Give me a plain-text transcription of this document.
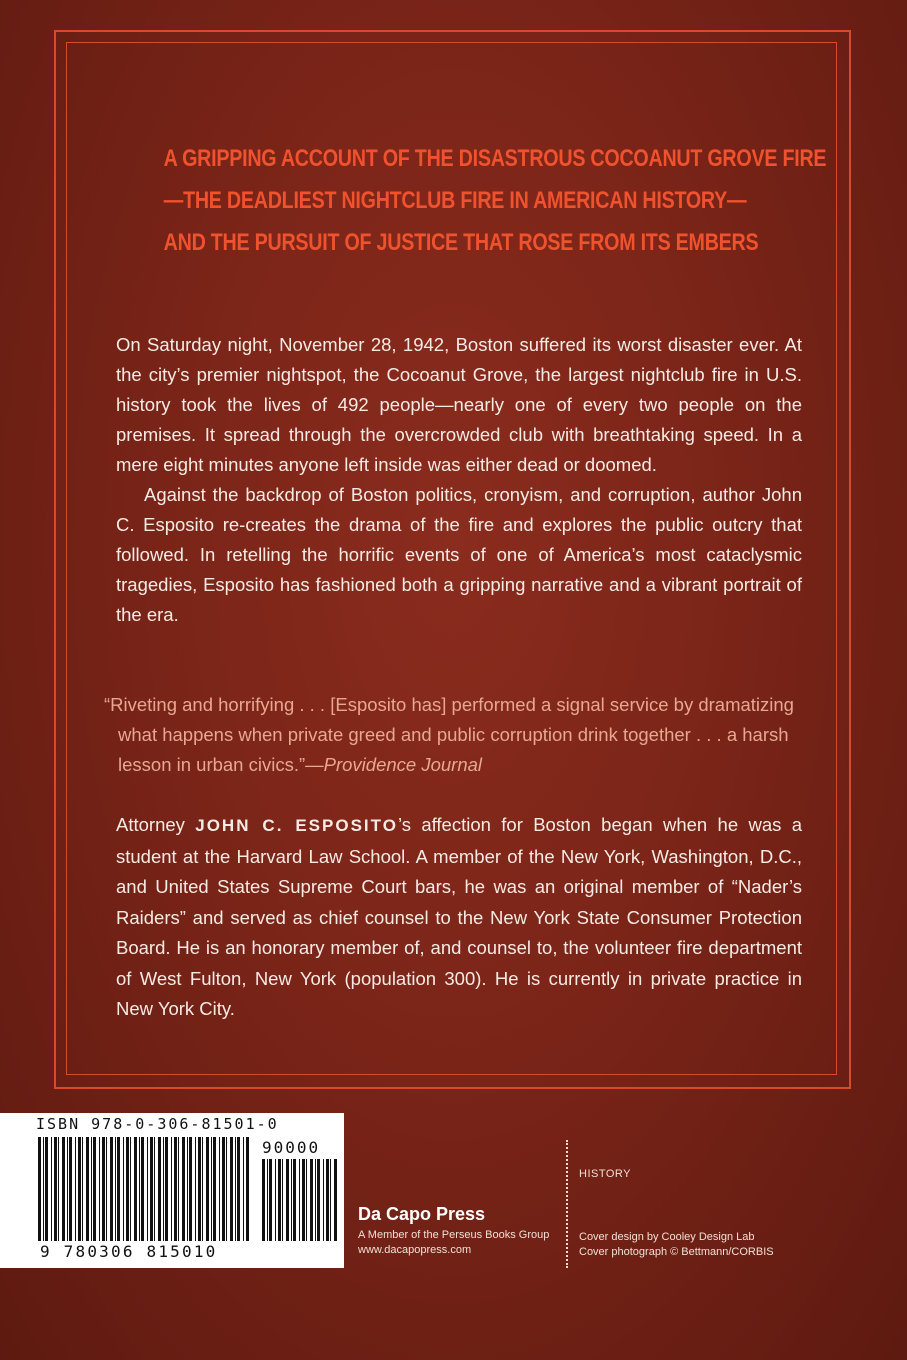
A GRIPPING ACCOUNT OF THE DISASTROUS COCOANUT GROVE FIRE
—THE DEADLIEST NIGHTCLUB FIRE IN AMERICAN HISTORY—
AND THE PURSUIT OF JUSTICE THAT ROSE FROM ITS EMBERS

On Saturday night, November 28, 1942, Boston suffered its worst disaster ever. At the city’s premier nightspot, the Cocoanut Grove, the largest nightclub fire in U.S. history took the lives of 492 people—nearly one of every two people on the premises. It spread through the overcrowded club with breathtaking speed. In a mere eight minutes anyone left inside was either dead or doomed.

Against the backdrop of Boston politics, cronyism, and corruption, author John C. Esposito re-creates the drama of the fire and explores the public outcry that followed. In retelling the horrific events of one of America’s most cataclysmic tragedies, Esposito has fashioned both a gripping narrative and a vibrant portrait of the era.

“Riveting and horrifying . . . [Esposito has] performed a signal service by dramatizing what happens when private greed and public corruption drink together . . . a harsh lesson in urban civics.”—Providence Journal

Attorney JOHN C. ESPOSITO’s affection for Boston began when he was a student at the Harvard Law School. A member of the New York, Washington, D.C., and United States Supreme Court bars, he was an original member of “Nader’s Raiders” and served as chief counsel to the New York State Consumer Protection Board. He is an honorary member of, and counsel to, the volunteer fire department of West Fulton, New York (population 300). He is currently in private practice in New York City.

ISBN 978-0-306-81501-0
90000
9 780306 815010
Da Capo Press
A Member of the Perseus Books Group
www.dacapopress.com
HISTORY
Cover design by Cooley Design Lab
Cover photograph © Bettmann/CORBIS
